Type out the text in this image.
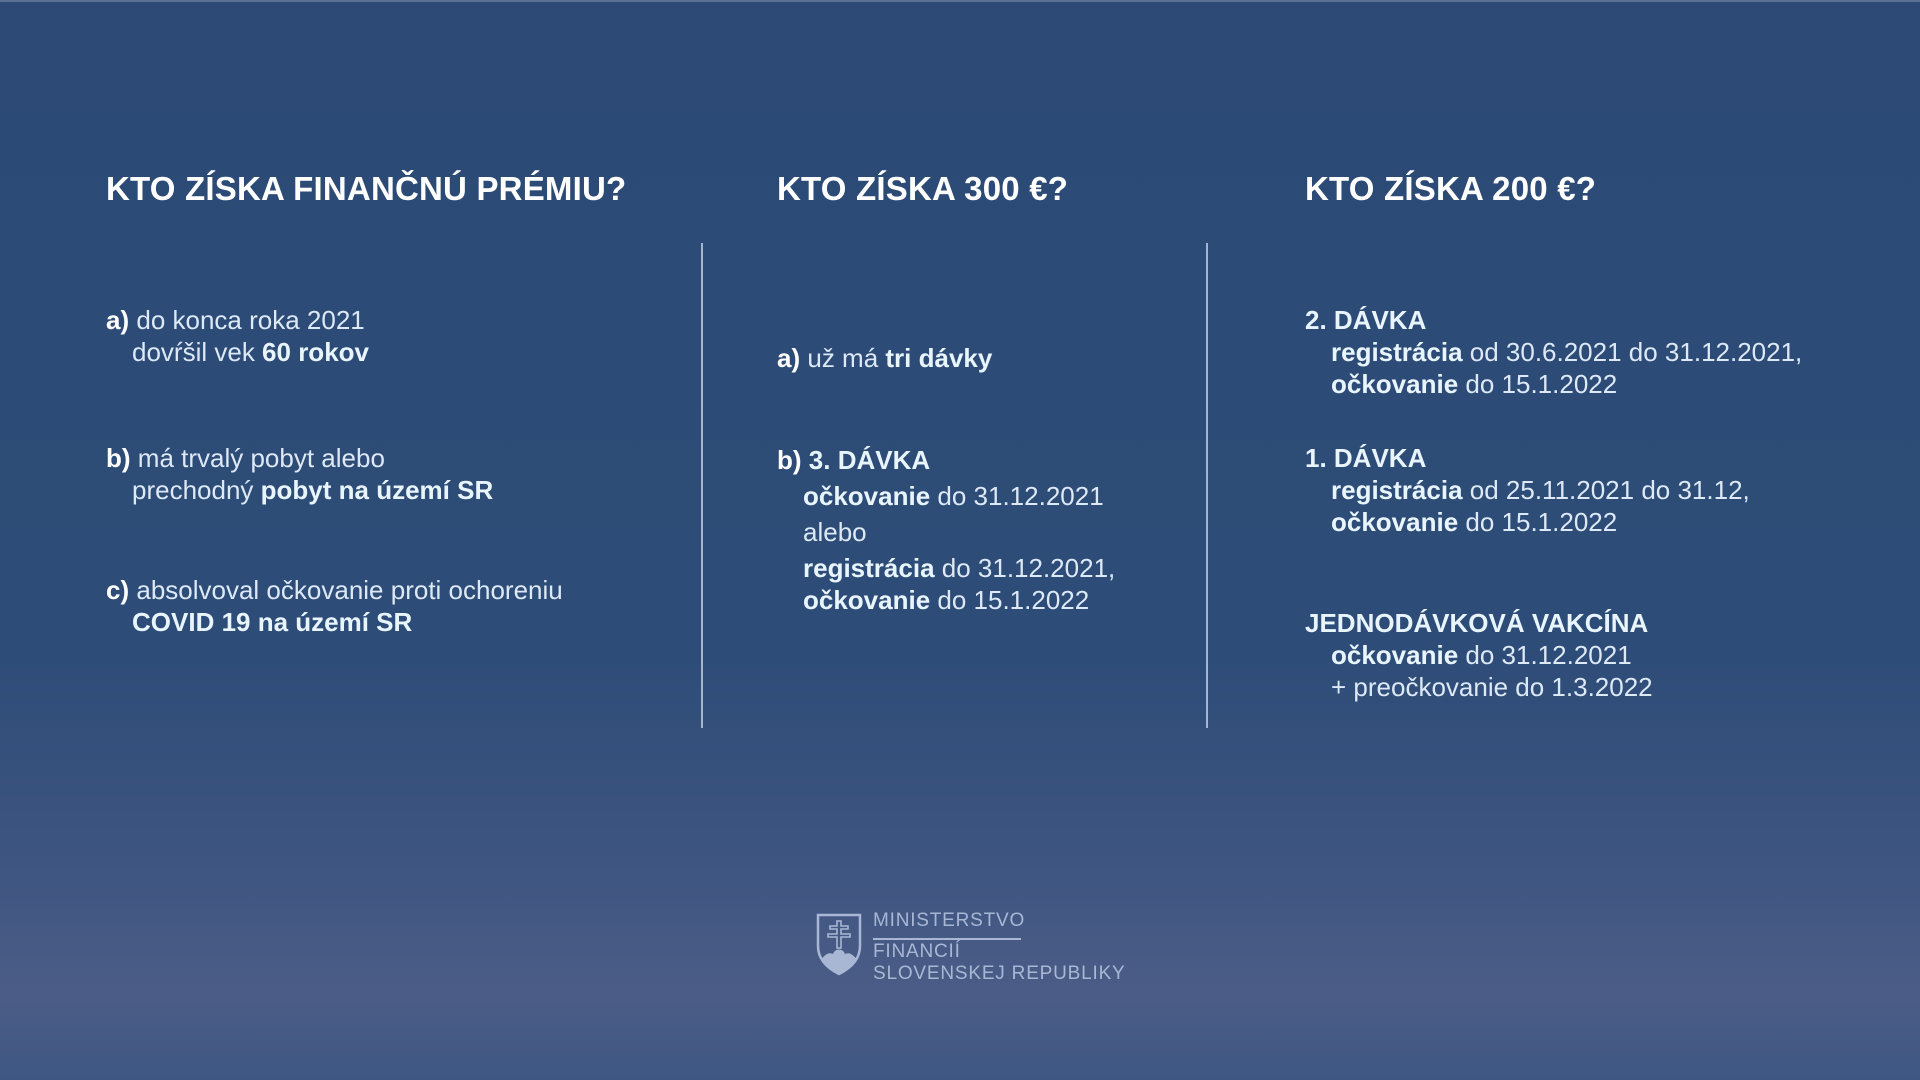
KTO ZÍSKA FINANČNÚ PRÉMIU?
a) do konca roka 2021
dovŕšil vek 60 rokov
b) má trvalý pobyt alebo
prechodný pobyt na území SR
c) absolvoval očkovanie proti ochoreniu
COVID 19 na území SR
KTO ZÍSKA 300 €?
a) už má tri dávky
b) 3. DÁVKA
očkovanie do 31.12.2021
alebo
registrácia do 31.12.2021,
očkovanie do 15.1.2022
KTO ZÍSKA 200 €?
2. DÁVKA
registrácia od 30.6.2021 do 31.12.2021,
očkovanie do 15.1.2022
1. DÁVKA
registrácia od 25.11.2021 do 31.12,
očkovanie do 15.1.2022
JEDNODÁVKOVÁ VAKCÍNA
očkovanie do 31.12.2021
+ preočkovanie do 1.3.2022
MINISTERSTVO
FINANCIÍ
SLOVENSKEJ REPUBLIKY
